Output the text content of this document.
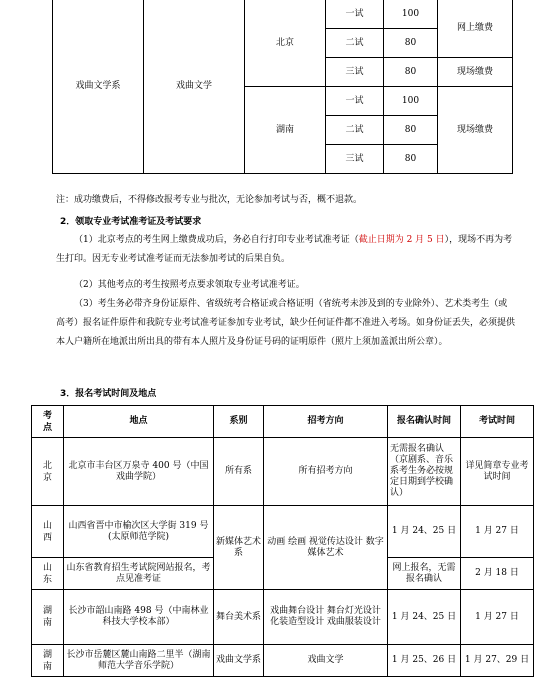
戏曲文学系	戏曲文学	北京	一试	100	网上缴费
			二试	80	
			三试	80	现场缴费
		湖南	一试	100	现场缴费
			二试	80	
			三试	80	
注：成功缴费后，不得修改报考专业与批次，无论参加考试与否，概不退款。
2．领取专业考试准考证及考试要求
（1）北京考点的考生网上缴费成功后，务必自行打印专业考试准考证（截止日期为 2 月 5 日），现场不再为考生打印。因无专业考试准考证而无法参加考试的后果自负。
（2）其他考点的考生按照考点要求领取专业考试准考证。
（3）考生务必带齐身份证原件、省级统考合格证或合格证明（省统考未涉及到的专业除外）、艺术类考生（或高考）报名证件原件和我院专业考试准考证参加专业考试，缺少任何证件都不准进入考场。如身份证丢失，必须提供本人户籍所在地派出所出具的带有本人照片及身份证号码的证明原件（照片上须加盖派出所公章）。
3．报名考试时间及地点
考点	地点	系别	招考方向	报名确认时间	考试时间
北京	北京市丰台区万泉寺 400 号（中国戏曲学院）	所有系	所有招考方向	无需报名确认（京剧系、音乐系考生务必按规定日期到学校确认）	详见简章专业考试时间
山西	山西省晋中市榆次区大学街 319 号(太原师范学院)	新媒体艺术系	动画 绘画 视觉传达设计 数字媒体艺术	1 月 24、25 日	1 月 27 日
山东	山东省教育招生考试院网站报名，考点见准考证			网上报名，无需报名确认	2 月 18 日
湖南	长沙市韶山南路 498 号（中南林业科技大学校本部）	舞台美术系	戏曲舞台设计 舞台灯光设计 化装造型设计 戏曲服装设计	1 月 24、25 日	1 月 27 日
湖南	长沙市岳麓区麓山南路二里半（湖南师范大学音乐学院）	戏曲文学系	戏曲文学	1 月 25、26 日	1 月 27、29 日
